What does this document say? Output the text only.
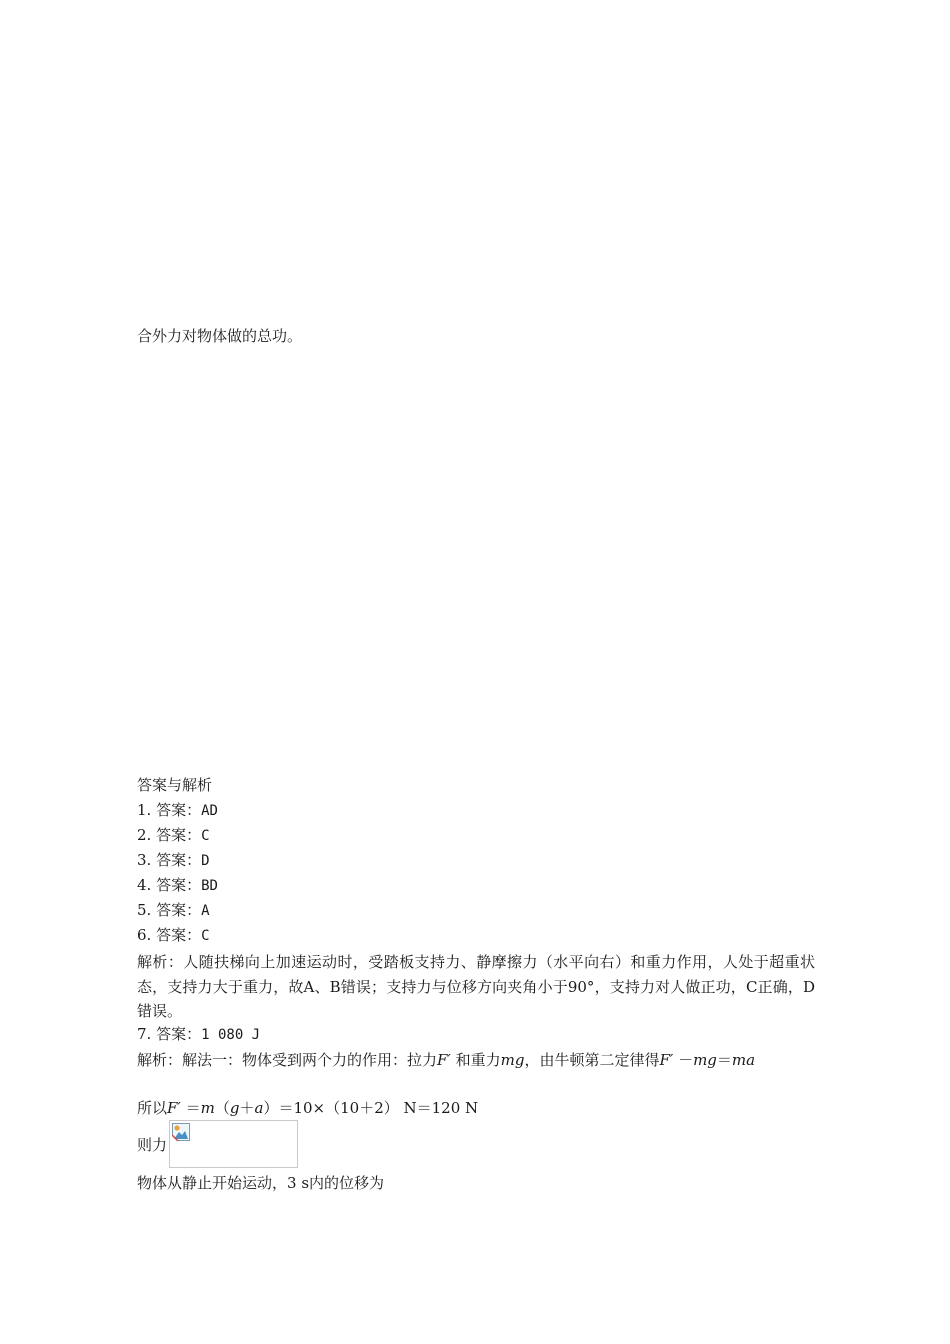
合外力对物体做的总功。
答案与解析
1. 答案：AD
2. 答案：C
3. 答案：D
4. 答案：BD
5. 答案：A
6. 答案：C
解析：人随扶梯向上加速运动时，受踏板支持力、静摩擦力（水平向右）和重力作用，人处于超重状态，支持力大于重力，故A、B错误；支持力与位移方向夹角小于90°，支持力对人做正功，C正确，D错误。
7. 答案：1 080 J
解析：解法一：物体受到两个力的作用：拉力F′ 和重力mg，由牛顿第二定律得F′ －mg＝ma
所以F′ ＝m（g＋a）＝10×（10＋2） N＝120 N
则力
物体从静止开始运动，3 s内的位移为
